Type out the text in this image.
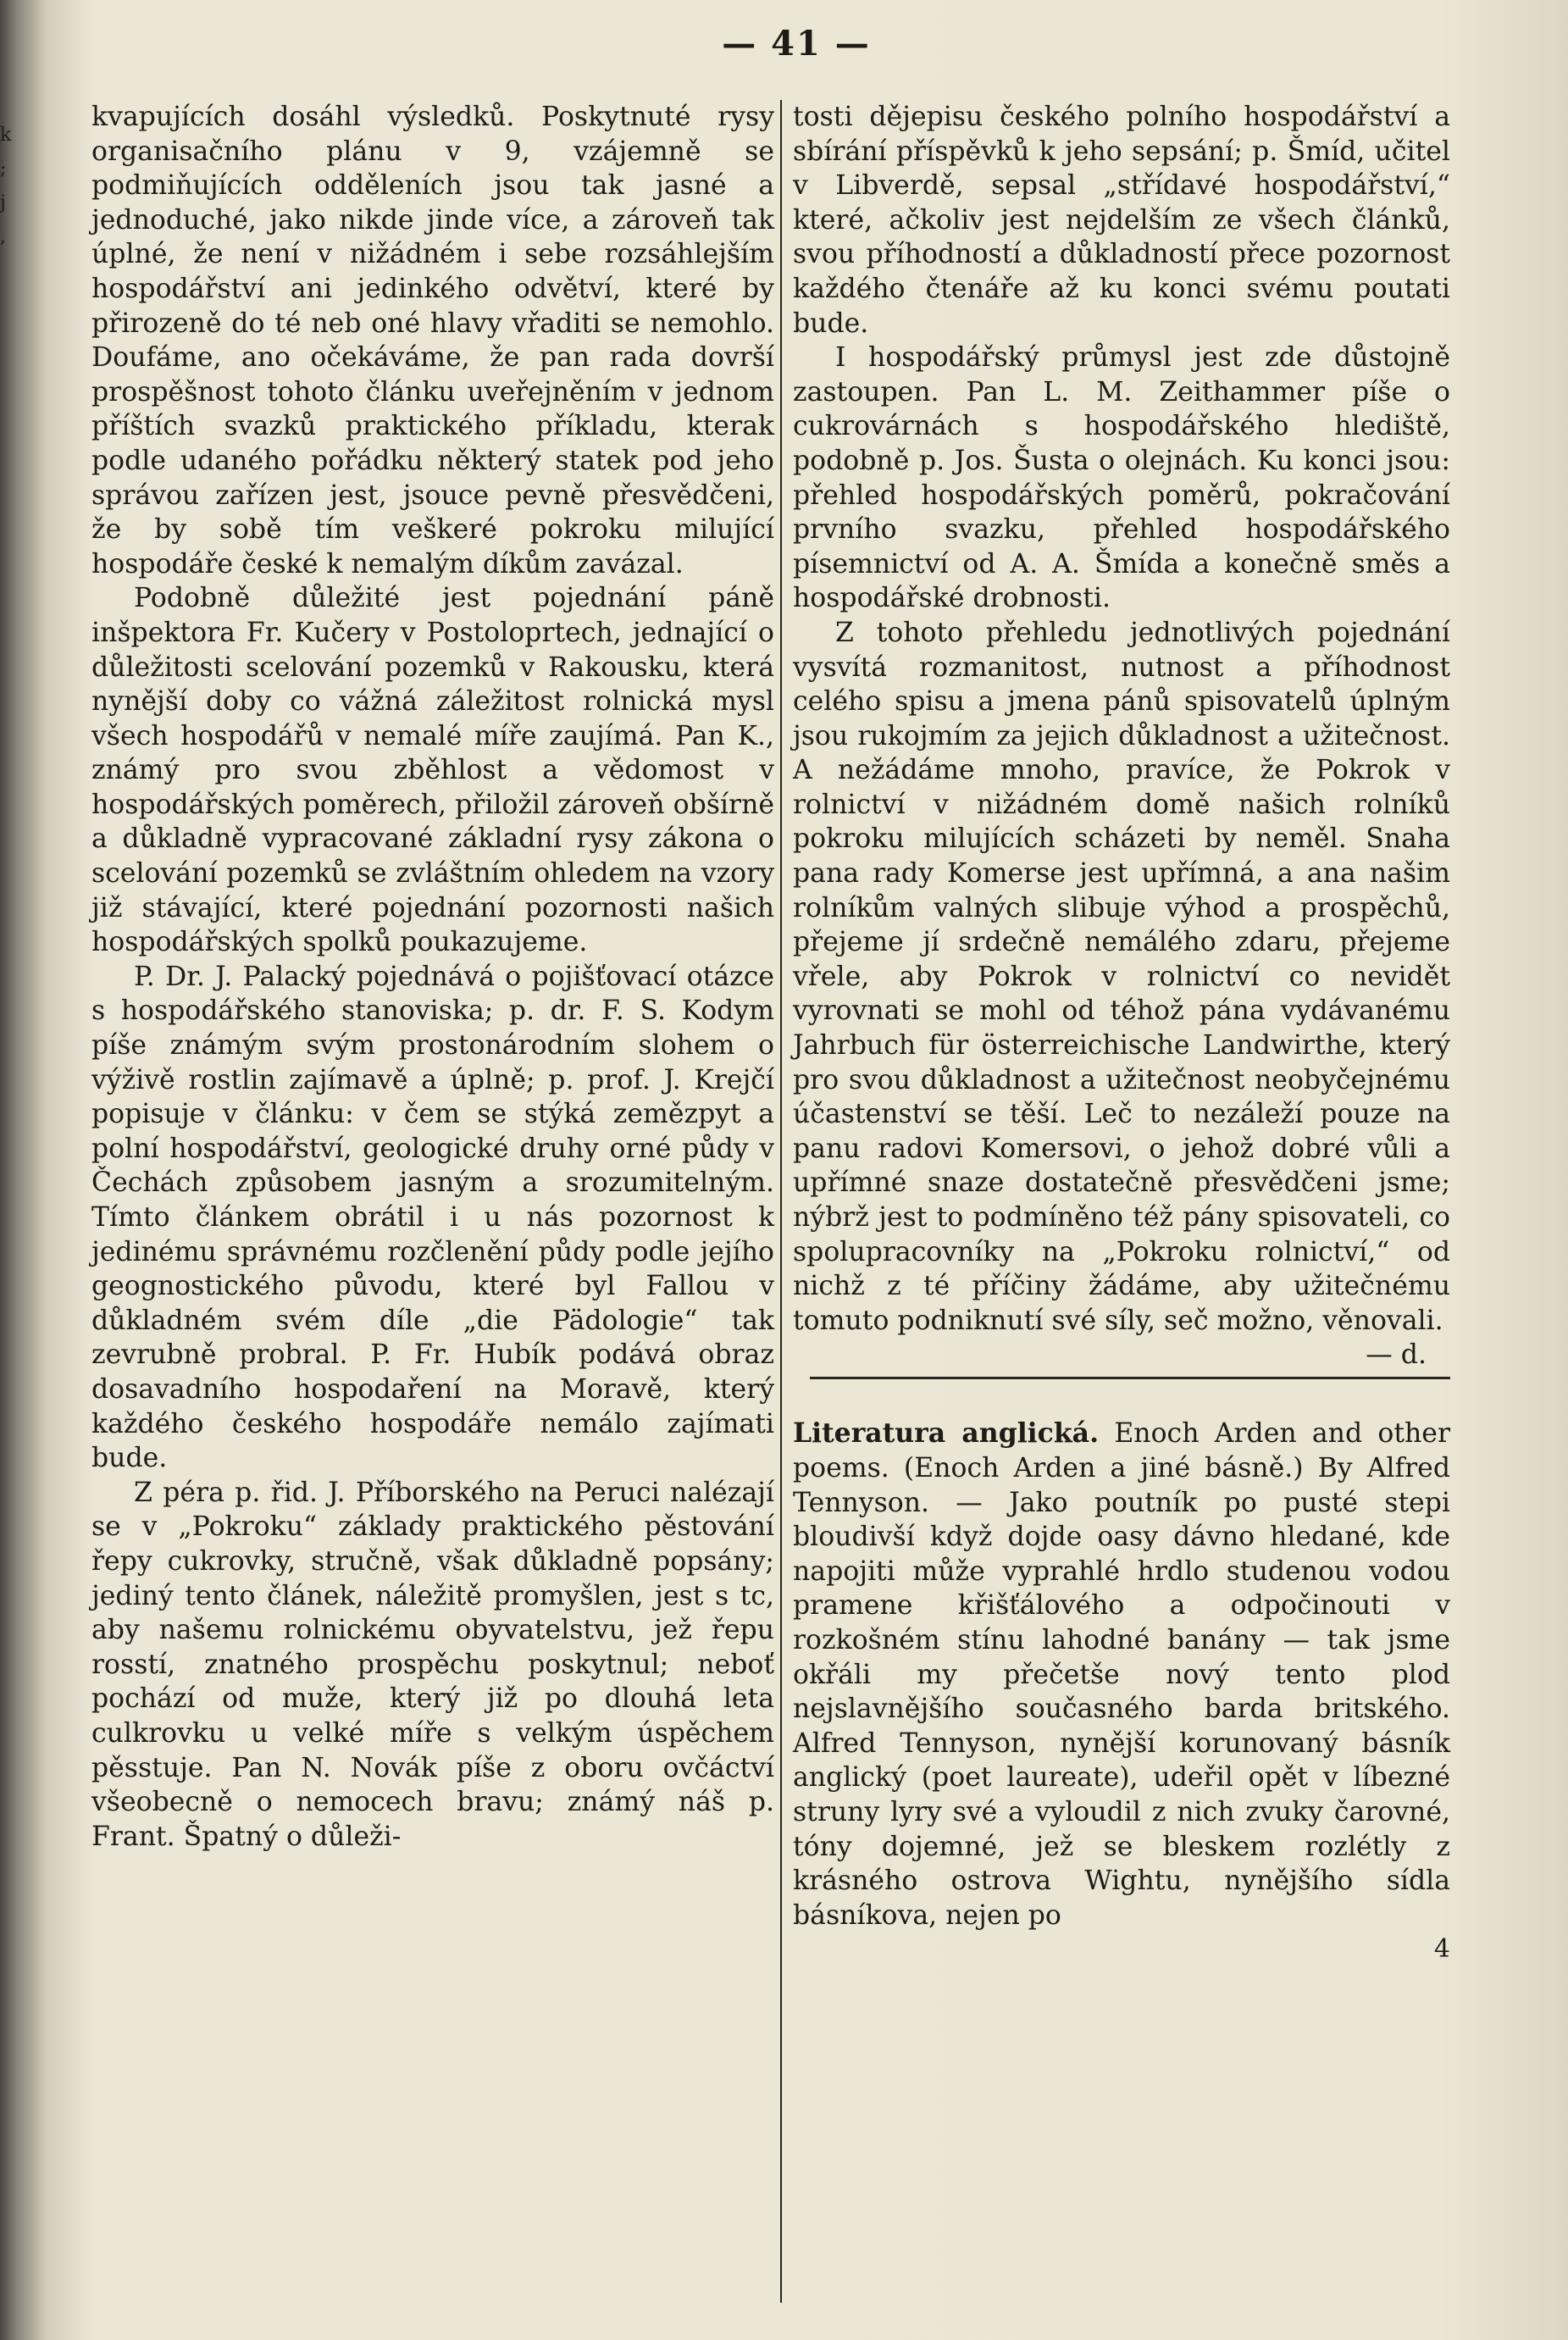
k ; j ,
— 41 —

kvapujících dosáhl výsledků. Poskytnuté rysy organisačního plánu v 9, vzájemně se podmiňujících odděleních jsou tak jasné a jednoduché, jako nikde jinde více, a zároveň tak úplné, že není v nižádném i sebe rozsáhlejším hospodářství ani jedinkého odvětví, které by přirozeně do té neb oné hlavy vřaditi se nemohlo. Doufáme, ano očekáváme, že pan rada dovrší prospěšnost tohoto článku uveřejněním v jednom příštích svazků praktického příkladu, kterak podle udaného pořádku některý statek pod jeho správou zařízen jest, jsouce pevně přesvědčeni, že by sobě tím veškeré pokroku milující hospodáře české k nemalým díkům zavázal.

Podobně důležité jest pojednání páně inšpektora Fr. Kučery v Postoloprtech, jednající o důležitosti scelování pozemků v Rakousku, která nynější doby co vážná záležitost rolnická mysl všech hospodářů v nemalé míře zaujímá. Pan K., známý pro svou zběhlost a vědomost v hospodářských poměrech, přiložil zároveň obšírně a důkladně vypracované základní rysy zákona o scelování pozemků se zvláštním ohledem na vzory již stávající, které pojednání pozornosti našich hospodářských spolků poukazujeme.

P. Dr. J. Palacký pojednává o pojišťovací otázce s hospodářského stanoviska; p. dr. F. S. Kodym píše známým svým prostonárodním slohem o výživě rostlin zajímavě a úplně; p. prof. J. Krejčí popisuje v článku: v čem se stýká zemězpyt a polní hospodářství, geologické druhy orné půdy v Čechách způsobem jasným a srozumitelným. Tímto článkem obrátil i u nás pozornost k jedinému správnému rozčlenění půdy podle jejího geognostického původu, které byl Fallou v důkladném svém díle „die Pädologie“ tak zevrubně probral. P. Fr. Hubík podává obraz dosavadního hospodaření na Moravě, který každého českého hospodáře nemálo zajímati bude.

Z péra p. řid. J. Příborského na Peruci nalézají se v „Pokroku“ základy praktického pěstování řepy cukrovky, stručně, však důkladně popsány; jediný tento článek, náležitě promyšlen, jest s tc, aby našemu rolnickému obyvatelstvu, jež řepu rosstí, znatného prospěchu poskytnul; neboť pochází od muže, který již po dlouhá leta culkrovku u velké míře s velkým úspěchem pěsstuje. Pan N. Novák píše z oboru ovčáctví všeobecně o nemocech bravu; známý náš p. Frant. Špatný o důleži-

tosti dějepisu českého polního hospodářství a sbírání příspěvků k jeho sepsání; p. Šmíd, učitel v Libverdě, sepsal „střídavé hospodářství,“ které, ačkoliv jest nejdelším ze všech článků, svou příhodností a důkladností přece pozornost každého čtenáře až ku konci svému poutati bude.

I hospodářský průmysl jest zde důstojně zastoupen. Pan L. M. Zeithammer píše o cukrovárnách s hospodářského hlediště, podobně p. Jos. Šusta o olejnách. Ku konci jsou: přehled hospodářských poměrů, pokračování prvního svazku, přehled hospodářského písemnictví od A. A. Šmída a konečně směs a hospodářské drobnosti.

Z tohoto přehledu jednotlivých pojednání vysvítá rozmanitost, nutnost a příhodnost celého spisu a jmena pánů spisovatelů úplným jsou rukojmím za jejich důkladnost a užitečnost. A nežádáme mnoho, pravíce, že Pokrok v rolnictví v nižádném domě našich rolníků pokroku milujících scházeti by neměl. Snaha pana rady Komerse jest upřímná, a ana našim rolníkům valných slibuje výhod a prospěchů, přejeme jí srdečně nemálého zdaru, přejeme vřele, aby Pokrok v rolnictví co nevidět vyrovnati se mohl od téhož pána vydávanému Jahrbuch für österreichische Landwirthe, který pro svou důkladnost a užitečnost neobyčejnému účastenství se těší. Leč to nezáleží pouze na panu radovi Komersovi, o jehož dobré vůli a upřímné snaze dostatečně přesvědčeni jsme; nýbrž jest to podmíněno též pány spisovateli, co spolupracovníky na „Pokroku rolnictví,“ od nichž z té příčiny žádáme, aby užitečnému tomuto podniknutí své síly, seč možno, věnovali.

— d.

Literatura anglická. Enoch Arden and other poems. (Enoch Arden a jiné básně.) By Alfred Tennyson. — Jako poutník po pusté stepi bloudivší když dojde oasy dávno hledané, kde napojiti může vyprahlé hrdlo studenou vodou pramene křišťálového a odpočinouti v rozkošném stínu lahodné banány — tak jsme okřáli my přečetše nový tento plod nejslavnějšího současného barda britského. Alfred Tennyson, nynější korunovaný básník anglický (poet laureate), udeřil opět v líbezné struny lyry své a vyloudil z nich zvuky čarovné, tóny dojemné, jež se bleskem rozlétly z krásného ostrova Wightu, nynějšího sídla básníkova, nejen po

4
